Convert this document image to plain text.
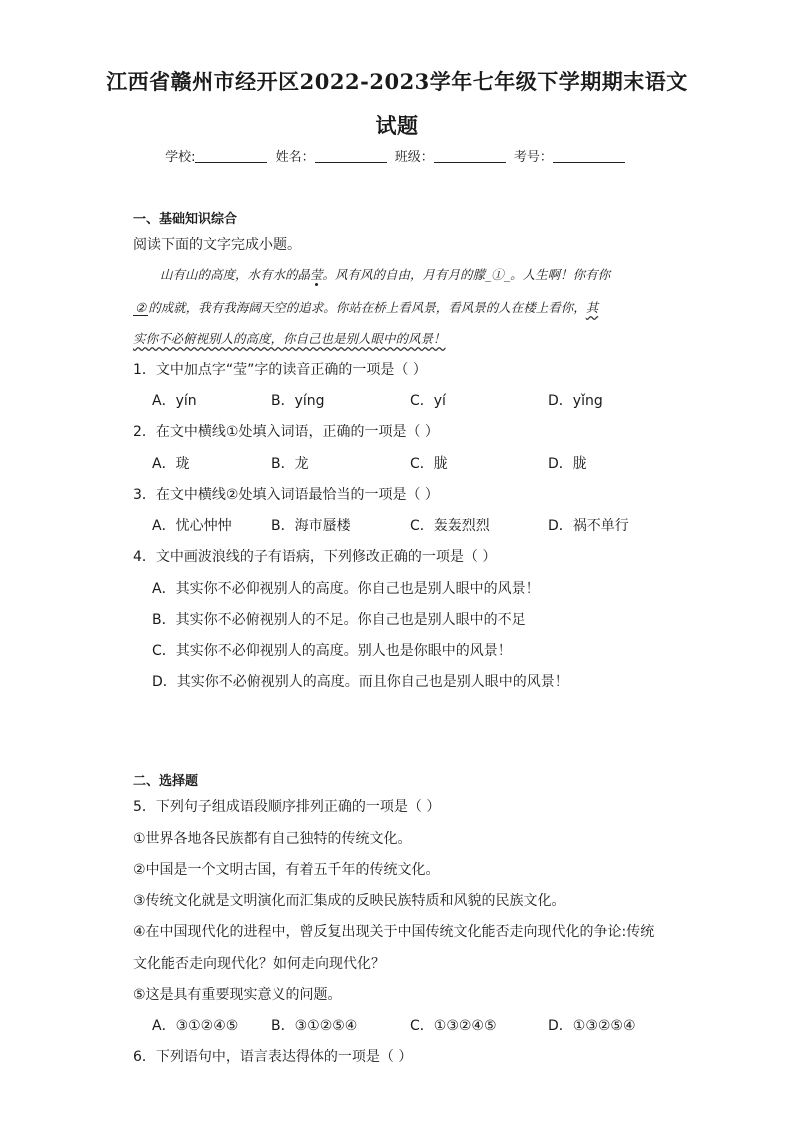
江西省赣州市经开区2022-2023学年七年级下学期期末语文
试题
学校:	姓名：	班级：	考号：
一、基础知识综合
阅读下面的文字完成小题。
山有山的高度，水有水的晶莹。风有风的自由，月有月的朦_①_。人生啊！你有你
② 的成就，我有我海阔天空的追求。你站在桥上看风景，看风景的人在楼上看你，其
实你不必俯视别人的高度，你自己也是别人眼中的风景！
1．文中加点字“莹”字的读音正确的一项是（ ）
A．yín	B．yíng	C．yí	D．yǐng
2．在文中横线①处填入词语，正确的一项是（ ）
A．珑	B．龙	C．胧	D．胧
3．在文中横线②处填入词语最恰当的一项是（ ）
A．忧心忡忡	B．海市蜃楼	C．轰轰烈烈	D．祸不单行
4．文中画波浪线的子有语病，下列修改正确的一项是（ ）
A．其实你不必仰视别人的高度。你自己也是别人眼中的风景！
B．其实你不必俯视别人的不足。你自己也是别人眼中的不足
C．其实你不必仰视别人的高度。别人也是你眼中的风景！
D．其实你不必俯视别人的高度。而且你自己也是别人眼中的风景！
二、选择题
5．下列句子组成语段顺序排列正确的一项是（ ）
①世界各地各民族都有自己独特的传统文化。
②中国是一个文明古国，有着五千年的传统文化。
③传统文化就是文明演化而汇集成的反映民族特质和风貌的民族文化。
④在中国现代化的进程中，曾反复出现关于中国传统文化能否走向现代化的争论:传统
文化能否走向现代化？如何走向现代化？
⑤这是具有重要现实意义的问题。
A．③①②④⑤ B．③①②⑤④	C．①③②④⑤	D．①③②⑤④
6．下列语句中，语言表达得体的一项是（ ）
